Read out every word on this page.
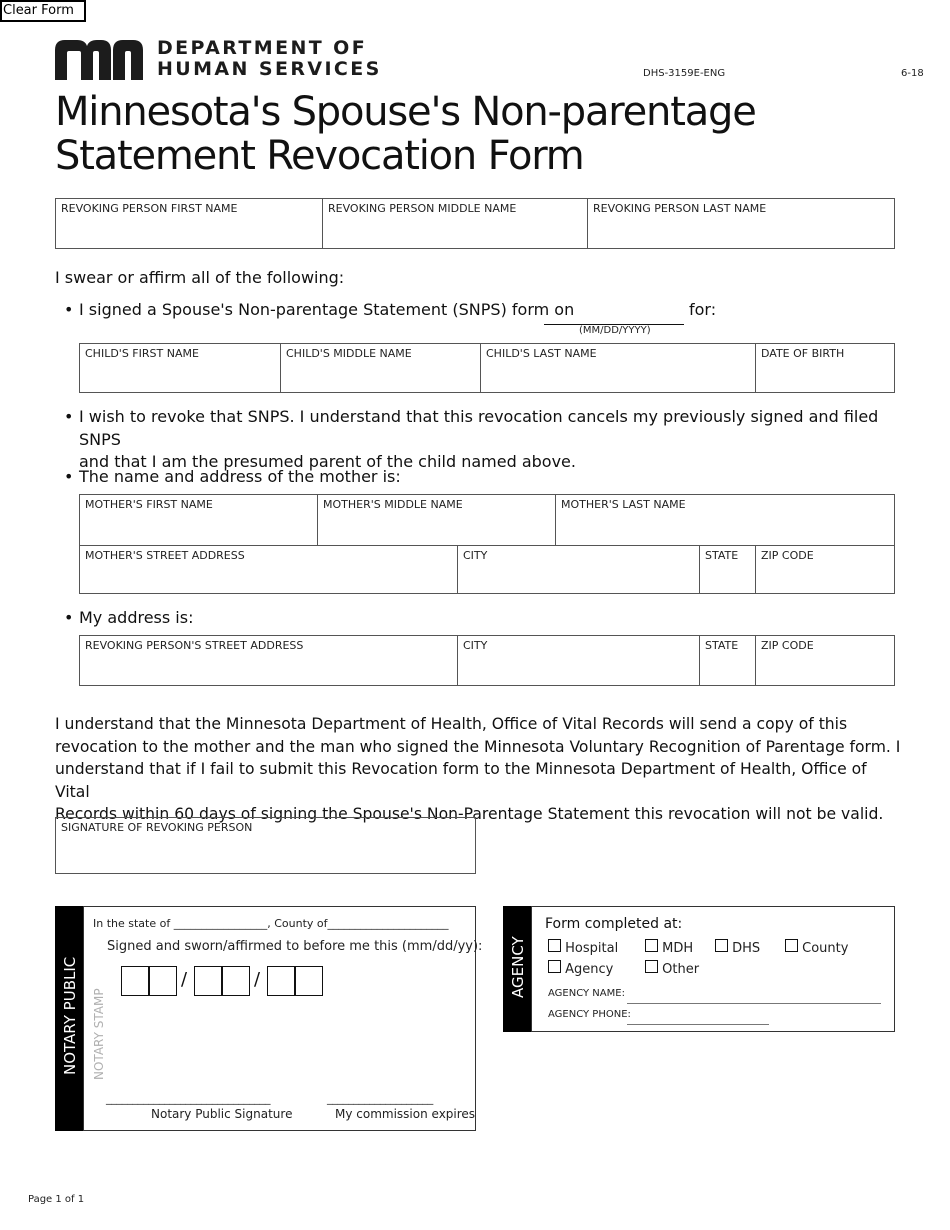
Clear Form
DEPARTMENT OF
HUMAN SERVICES	DHS-3159E-ENG	6-18
Minnesota's Spouse's Non-parentage
Statement Revocation Form
REVOKING PERSON FIRST NAME	REVOKING PERSON MIDDLE NAME	REVOKING PERSON LAST NAME
I swear or affirm all of the following:
• I signed a Spouse's Non-parentage Statement (SNPS) form on	for:
(MM/DD/YYYY)
CHILD'S FIRST NAME	CHILD'S MIDDLE NAME	CHILD'S LAST NAME	DATE OF BIRTH
• I wish to revoke that SNPS. I understand that this revocation cancels my previously signed and filed SNPS
and that I am the presumed parent of the child named above.
• The name and address of the mother is:
MOTHER'S FIRST NAME	MOTHER'S MIDDLE NAME	MOTHER'S LAST NAME
MOTHER'S STREET ADDRESS	CITY	STATE	ZIP CODE
• My address is:
REVOKING PERSON'S STREET ADDRESS	CITY	STATE	ZIP CODE
I understand that the Minnesota Department of Health, Office of Vital Records will send a copy of this
revocation to the mother and the man who signed the Minnesota Voluntary Recognition of Parentage form. I
understand that if I fail to submit this Revocation form to the Minnesota Department of Health, Office of Vital
Records within 60 days of signing the Spouse's Non-Parentage Statement this revocation will not be valid.
SIGNATURE OF REVOKING PERSON
NOTARY PUBLIC
In the state of _________________, County of______________________
Signed and sworn/affirmed to before me this (mm/dd/yy):
NOTARY STAMP
/	/
_______________________________	____________________
Notary Public Signature	My commission expires
AGENCY
Form completed at:
Hospital	MDH	DHS	County
Agency	Other
AGENCY NAME:
AGENCY PHONE:
Page 1 of 1
